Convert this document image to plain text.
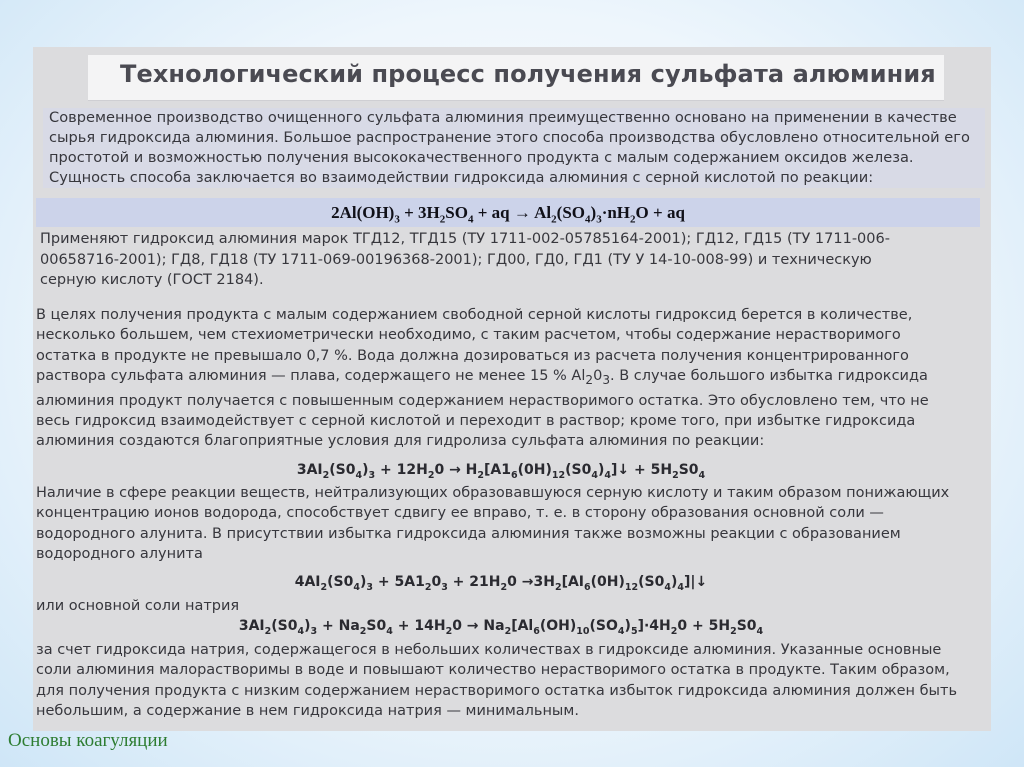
Технологический процесс получения сульфата алюминия

Современное производство очищенного сульфата алюминия преимущественно основано на применении в качестве

сырья гидроксида алюминия. Большое распространение этого способа производства обусловлено относительной его

простотой и возможностью получения высококачественного продукта с малым содержанием оксидов железа.

Сущность способа заключается во взаимодействии гидроксида алюминия с серной кислотой по реакции:

$2Al(OH)_3 + 3H_2SO_4$ + aq → $Al_2(SO_4)_3\cdot nH_2O$ + aq

Применяют гидроксид алюминия марок ТГД12, ТГД15 (ТУ 1711-002-05785164-2001); ГД12, ГД15 (ТУ 1711-006-

00658716-2001); ГД8, ГД18 (ТУ 1711-069-00196368-2001); ГД00, ГД0, ГД1 (ТУ У 14-10-008-99) и техническую

серную кислоту (ГОСТ 2184).

В целях получения продукта с малым содержанием свободной серной кислоты гидроксид берется в количестве,

несколько большем, чем стехиометрически необходимо, с таким расчетом, чтобы содержание нерастворимого

остатка в продукте не превышало 0,7 %. Вода должна дозироваться из расчета получения концентрированного

раствора сульфата алюминия — плава, содержащего не менее 15 % $Al_20_3$. В случае большого избытка гидроксида

алюминия продукт получается с повышенным содержанием нерастворимого остатка. Это обусловлено тем, что не

весь гидроксид взаимодействует с серной кислотой и переходит в раствор; кроме того, при избытке гидроксида

алюминия создаются благоприятные условия для гидролиза сульфата алюминия по реакции:

$3AI_2(S0_4)_3 + 12H_20$ → $H_2[A1_6(0H)_{12}(S0_4)_4]↓ + 5H_2S0_4$

Наличие в сфере реакции веществ, нейтрализующих образовавшуюся серную кислоту и таким образом понижающих

концентрацию ионов водорода, способствует сдвигу ее вправо, т. е. в сторону образования основной соли —

водородного алунита. В присутствии избытка гидроксида алюминия также возможны реакции с образованием

водородного алунита

$4AI_2(S0_4)_3 + 5A1_20_3 + 21H_20$ $\to 3H_2[AI_6(0H)_{12}(S0_4)_4]|↓$

или основной соли натрия

$3AI_2(S0_4)_3 + Na_2S0_4 + 14H_20 \to Na_2[Al_6(OH)_{10}(SO_4)_5]\cdot 4H_20 + 5H_2S0_4$

за счет гидроксида натрия, содержащегося в небольших количествах в гидроксиде алюминия. Указанные основные

соли алюминия малорастворимы в воде и повышают количество нерастворимого остатка в продукте. Таким образом,

для получения продукта с низким содержанием нерастворимого остатка избыток гидроксида алюминия должен быть

небольшим, а содержание в нем гидроксида натрия — минимальным.

Основы коагуляции
